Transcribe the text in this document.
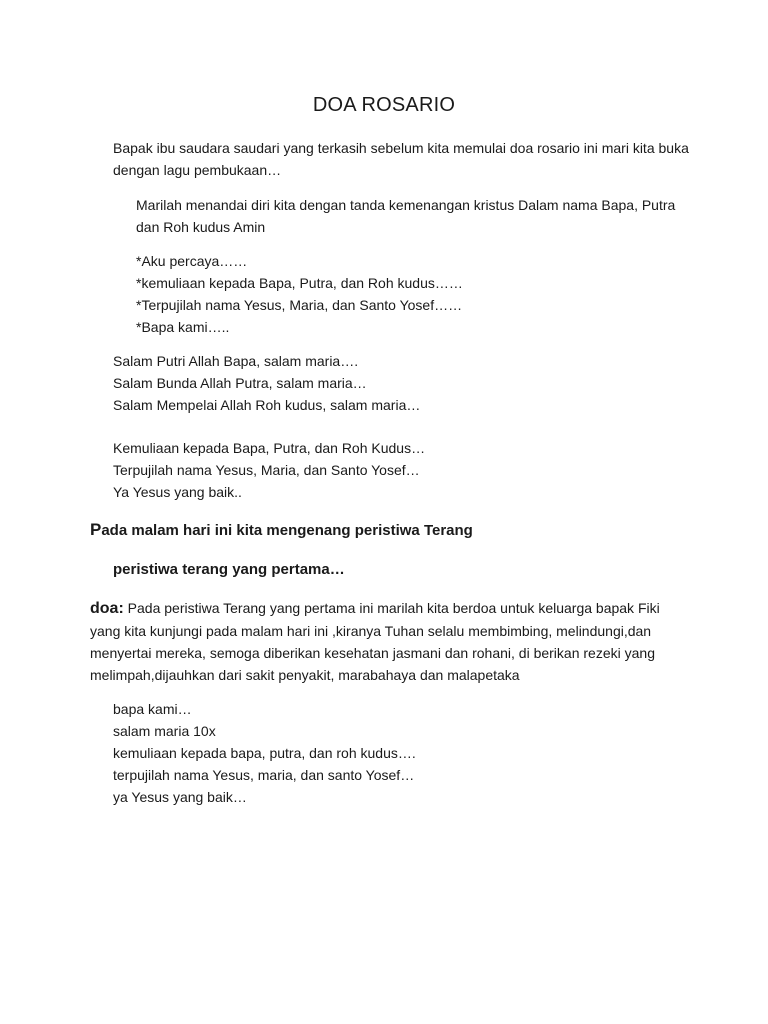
DOA ROSARIO

Bapak ibu saudara saudari yang terkasih sebelum kita memulai doa rosario ini mari kita buka

dengan lagu pembukaan…

Marilah menandai diri kita dengan tanda kemenangan kristus Dalam nama Bapa, Putra

dan Roh kudus Amin

*Aku percaya……

*kemuliaan kepada Bapa, Putra, dan Roh kudus……

*Terpujilah nama Yesus, Maria, dan Santo Yosef……

*Bapa kami…..

Salam Putri Allah Bapa, salam maria….

Salam Bunda Allah Putra, salam maria…

Salam Mempelai Allah Roh kudus, salam maria…

Kemuliaan kepada Bapa, Putra, dan Roh Kudus…

Terpujilah nama Yesus, Maria, dan Santo Yosef…

Ya Yesus yang baik..

Pada malam hari ini kita mengenang peristiwa Terang
peristiwa terang yang pertama…

doa: Pada peristiwa Terang yang pertama ini marilah kita berdoa untuk keluarga bapak Fiki

yang kita kunjungi pada malam hari ini ,kiranya Tuhan selalu membimbing, melindungi,dan

menyertai mereka, semoga diberikan kesehatan jasmani dan rohani, di berikan rezeki yang

melimpah,dijauhkan dari sakit penyakit, marabahaya dan malapetaka

bapa kami…

salam maria 10x

kemuliaan kepada bapa, putra, dan roh kudus….

terpujilah nama Yesus, maria, dan santo Yosef…

ya Yesus yang baik…
